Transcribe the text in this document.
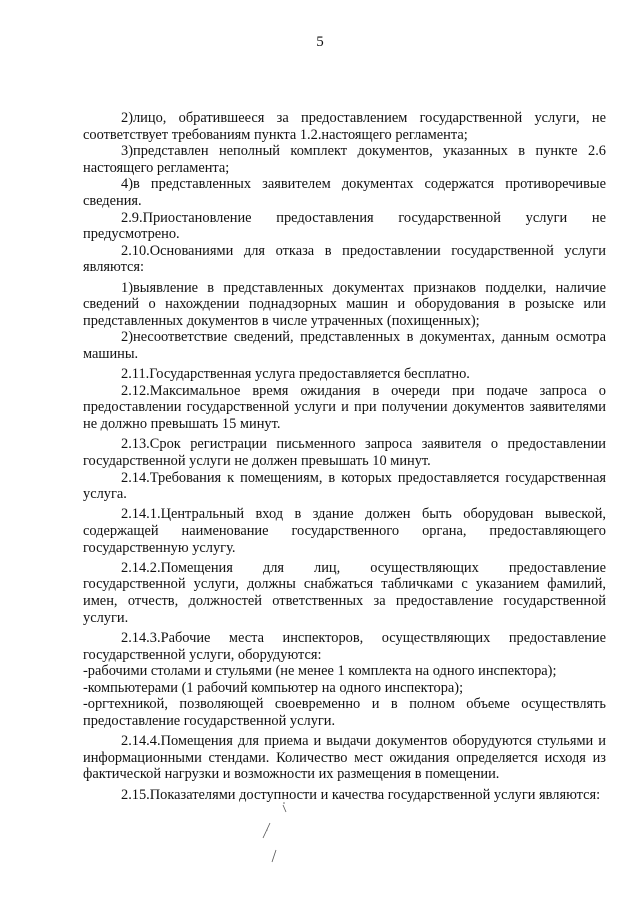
5

2)лицо, обратившееся за предоставлением государственной услуги, не соответствует требованиям пункта 1.2.настоящего регламента;

3)представлен неполный комплект документов, указанных в пункте 2.6 настоящего регламента;

4)в представленных заявителем документах содержатся противоречивые сведения.

2.9.Приостановление предоставления государственной услуги не предусмотрено.

2.10.Основаниями для отказа в предоставлении государственной услуги являются:

1)выявление в представленных документах признаков подделки, наличие сведений о нахождении поднадзорных машин и оборудования в розыске или представленных документов в числе утраченных (похищенных);

2)несоответствие сведений, представленных в документах, данным осмотра машины.

2.11.Государственная услуга предоставляется бесплатно.

2.12.Максимальное время ожидания в очереди при подаче запроса о предоставлении государственной услуги и при получении документов заявителями не должно превышать 15 минут.

2.13.Срок регистрации письменного запроса заявителя о предоставлении государственной услуги не должен превышать 10 минут.

2.14.Требования к помещениям, в которых предоставляется государственная услуга.

2.14.1.Центральный вход в здание должен быть оборудован вывеской, содержащей наименование государственного органа, предоставляющего государственную услугу.

2.14.2.Помещения для лиц, осуществляющих предоставление государственной услуги, должны снабжаться табличками с указанием фамилий, имен, отчеств, должностей ответственных за предоставление государственной услуги.

2.14.3.Рабочие места инспекторов, осуществляющих предоставление государственной услуги, оборудуются:

-рабочими столами и стульями (не менее 1 комплекта на одного инспектора);

-компьютерами (1 рабочий компьютер на одного инспектора);

-оргтехникой, позволяющей своевременно и в полном объеме осуществлять предоставление государственной услуги.

2.14.4.Помещения для приема и выдачи документов оборудуются стульями и информационными стендами. Количество мест ожидания определяется исходя из фактической нагрузки и возможности их размещения в помещении.

2.15.Показателями доступности и качества государственной услуги являются:
